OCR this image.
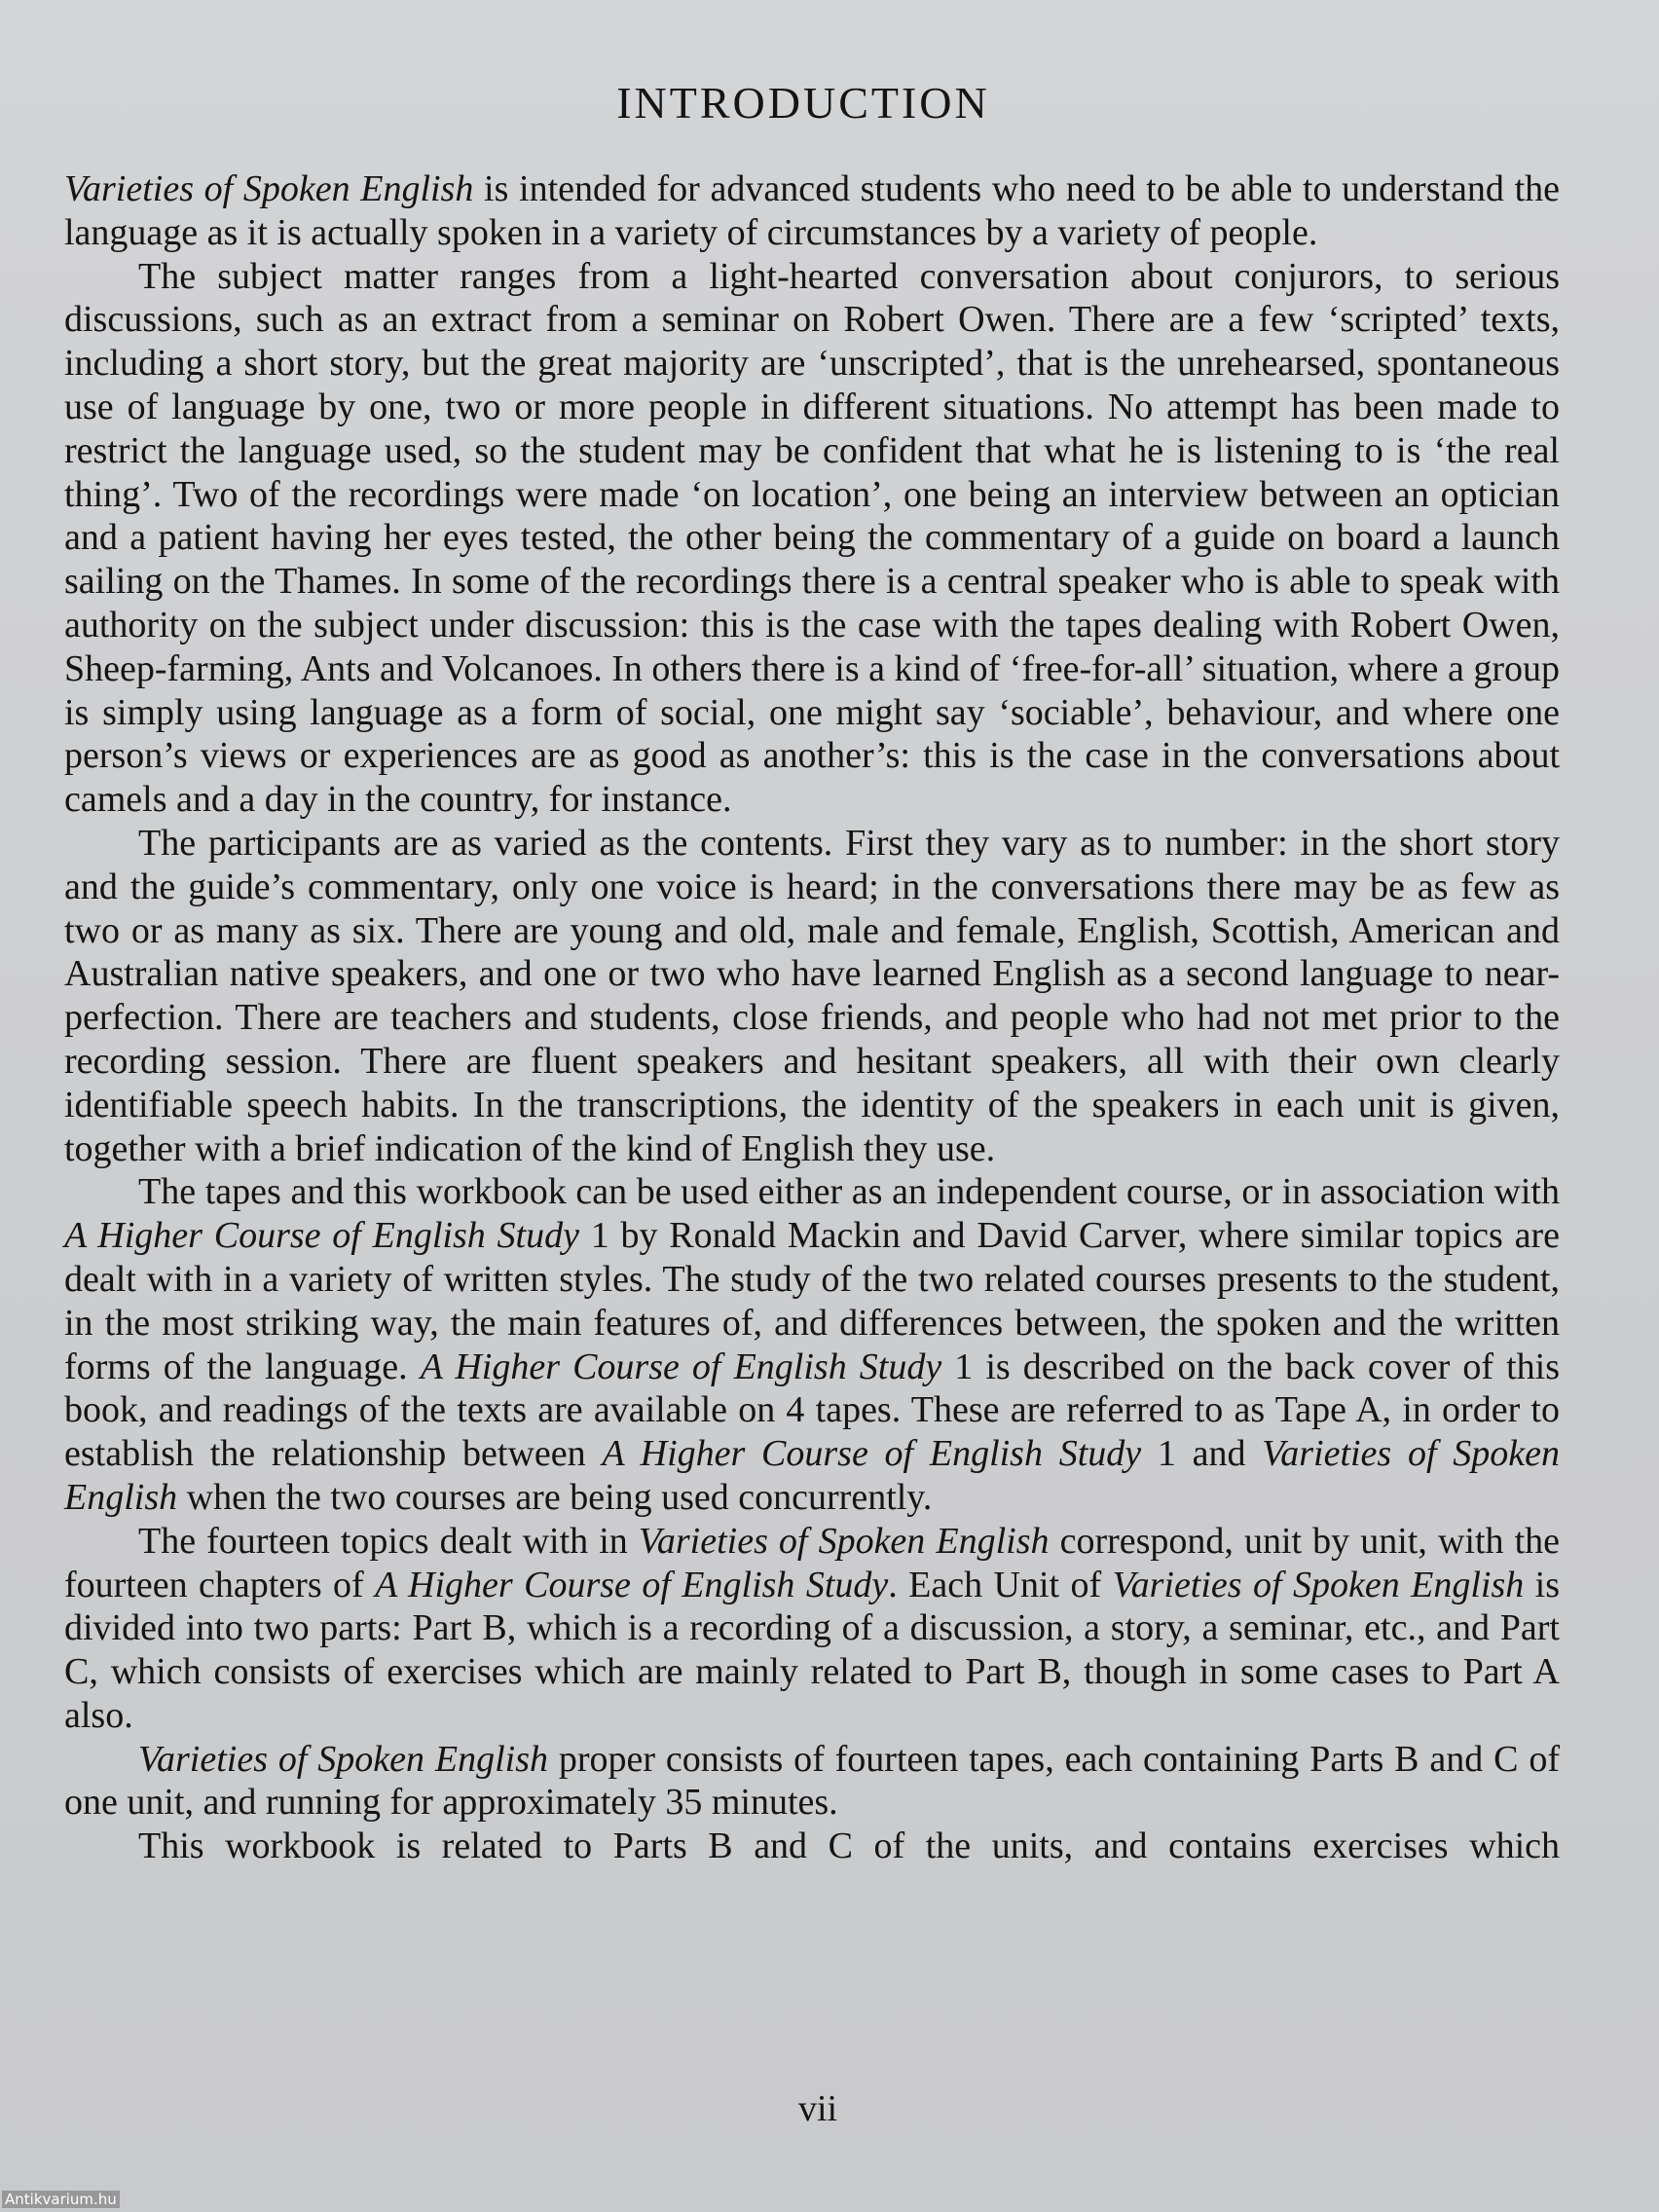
INTRODUCTION

Varieties of Spoken English is intended for advanced students who need to be able to understand the language as it is actually spoken in a variety of circumstances by a variety of people.

The subject matter ranges from a light-hearted conversation about conjurors, to serious discussions, such as an extract from a seminar on Robert Owen. There are a few ‘scripted’ texts, including a short story, but the great majority are ‘unscripted’, that is the unrehearsed, spontaneous use of language by one, two or more people in different situations. No attempt has been made to restrict the language used, so the student may be confident that what he is listening to is ‘the real thing’. Two of the recordings were made ‘on location’, one being an interview between an optician and a patient having her eyes tested, the other being the commentary of a guide on board a launch sailing on the Thames. In some of the recordings there is a central speaker who is able to speak with authority on the subject under discussion: this is the case with the tapes dealing with Robert Owen, Sheep-farming, Ants and Volcanoes. In others there is a kind of ‘free-for-all’ situation, where a group is simply using language as a form of social, one might say ‘sociable’, behaviour, and where one person’s views or experiences are as good as another’s: this is the case in the conversations about camels and a day in the country, for instance.

The participants are as varied as the contents. First they vary as to number: in the short story and the guide’s commentary, only one voice is heard; in the conversations there may be as few as two or as many as six. There are young and old, male and female, English, Scottish, American and Australian native speakers, and one or two who have learned English as a second language to near-perfection. There are teachers and students, close friends, and people who had not met prior to the recording session. There are fluent speakers and hesitant speakers, all with their own clearly identifiable speech habits. In the transcriptions, the identity of the speakers in each unit is given, together with a brief indication of the kind of English they use.

The tapes and this workbook can be used either as an independent course, or in association with A Higher Course of English Study 1 by Ronald Mackin and David Carver, where similar topics are dealt with in a variety of written styles. The study of the two related courses presents to the student, in the most striking way, the main features of, and differences between, the spoken and the written forms of the language. A Higher Course of English Study 1 is described on the back cover of this book, and readings of the texts are available on 4 tapes. These are referred to as Tape A, in order to establish the relationship between A Higher Course of English Study 1 and Varieties of Spoken English when the two courses are being used concurrently.

The fourteen topics dealt with in Varieties of Spoken English correspond, unit by unit, with the fourteen chapters of A Higher Course of English Study. Each Unit of Varieties of Spoken English is divided into two parts: Part B, which is a recording of a discussion, a story, a seminar, etc., and Part C, which consists of exercises which are mainly related to Part B, though in some cases to Part A also.

Varieties of Spoken English proper consists of fourteen tapes, each containing Parts B and C of one unit, and running for approximately 35 minutes.

This workbook is related to Parts B and C of the units, and contains exercises which

vii
Antikvarium.hu
